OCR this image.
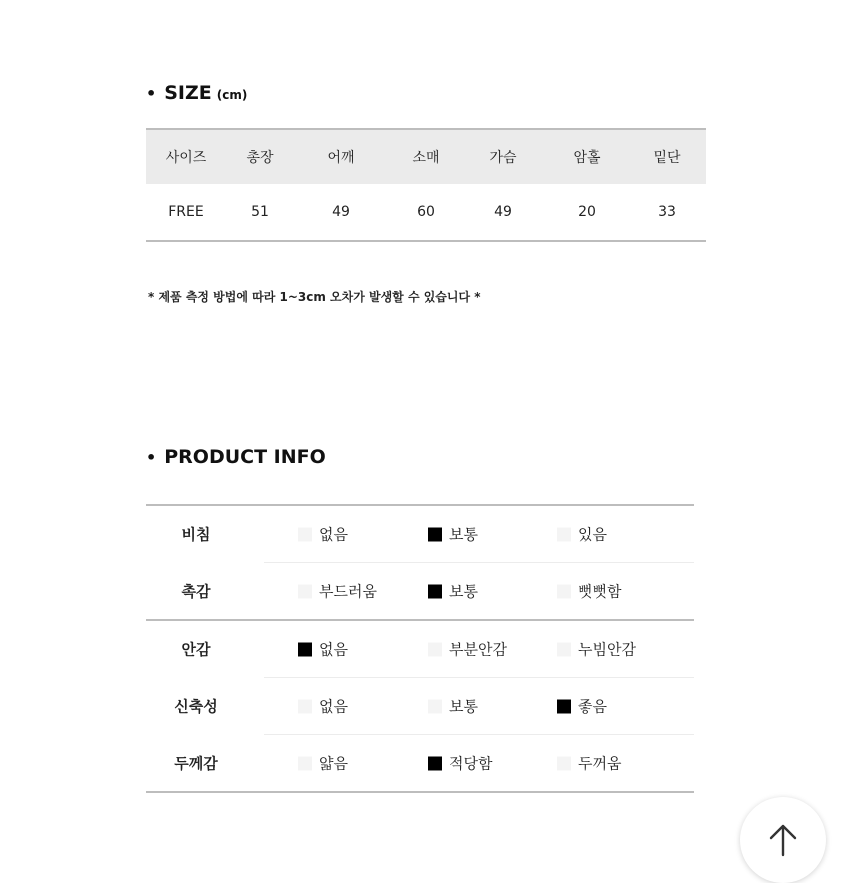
• SIZE (cm)
사이즈	총장	어깨	소매	가슴	암홀	밑단
FREE	51	49	60	49	20	33
* 제품 측정 방법에 따라 1~3cm 오차가 발생할 수 있습니다 *
• PRODUCT INFO
비침	없음	보통	있음
촉감	부드러움	보통	뻣뻣함
안감	없음	부분안감	누빔안감
신축성	없음	보통	좋음
두께감	얇음	적당함	두꺼움
